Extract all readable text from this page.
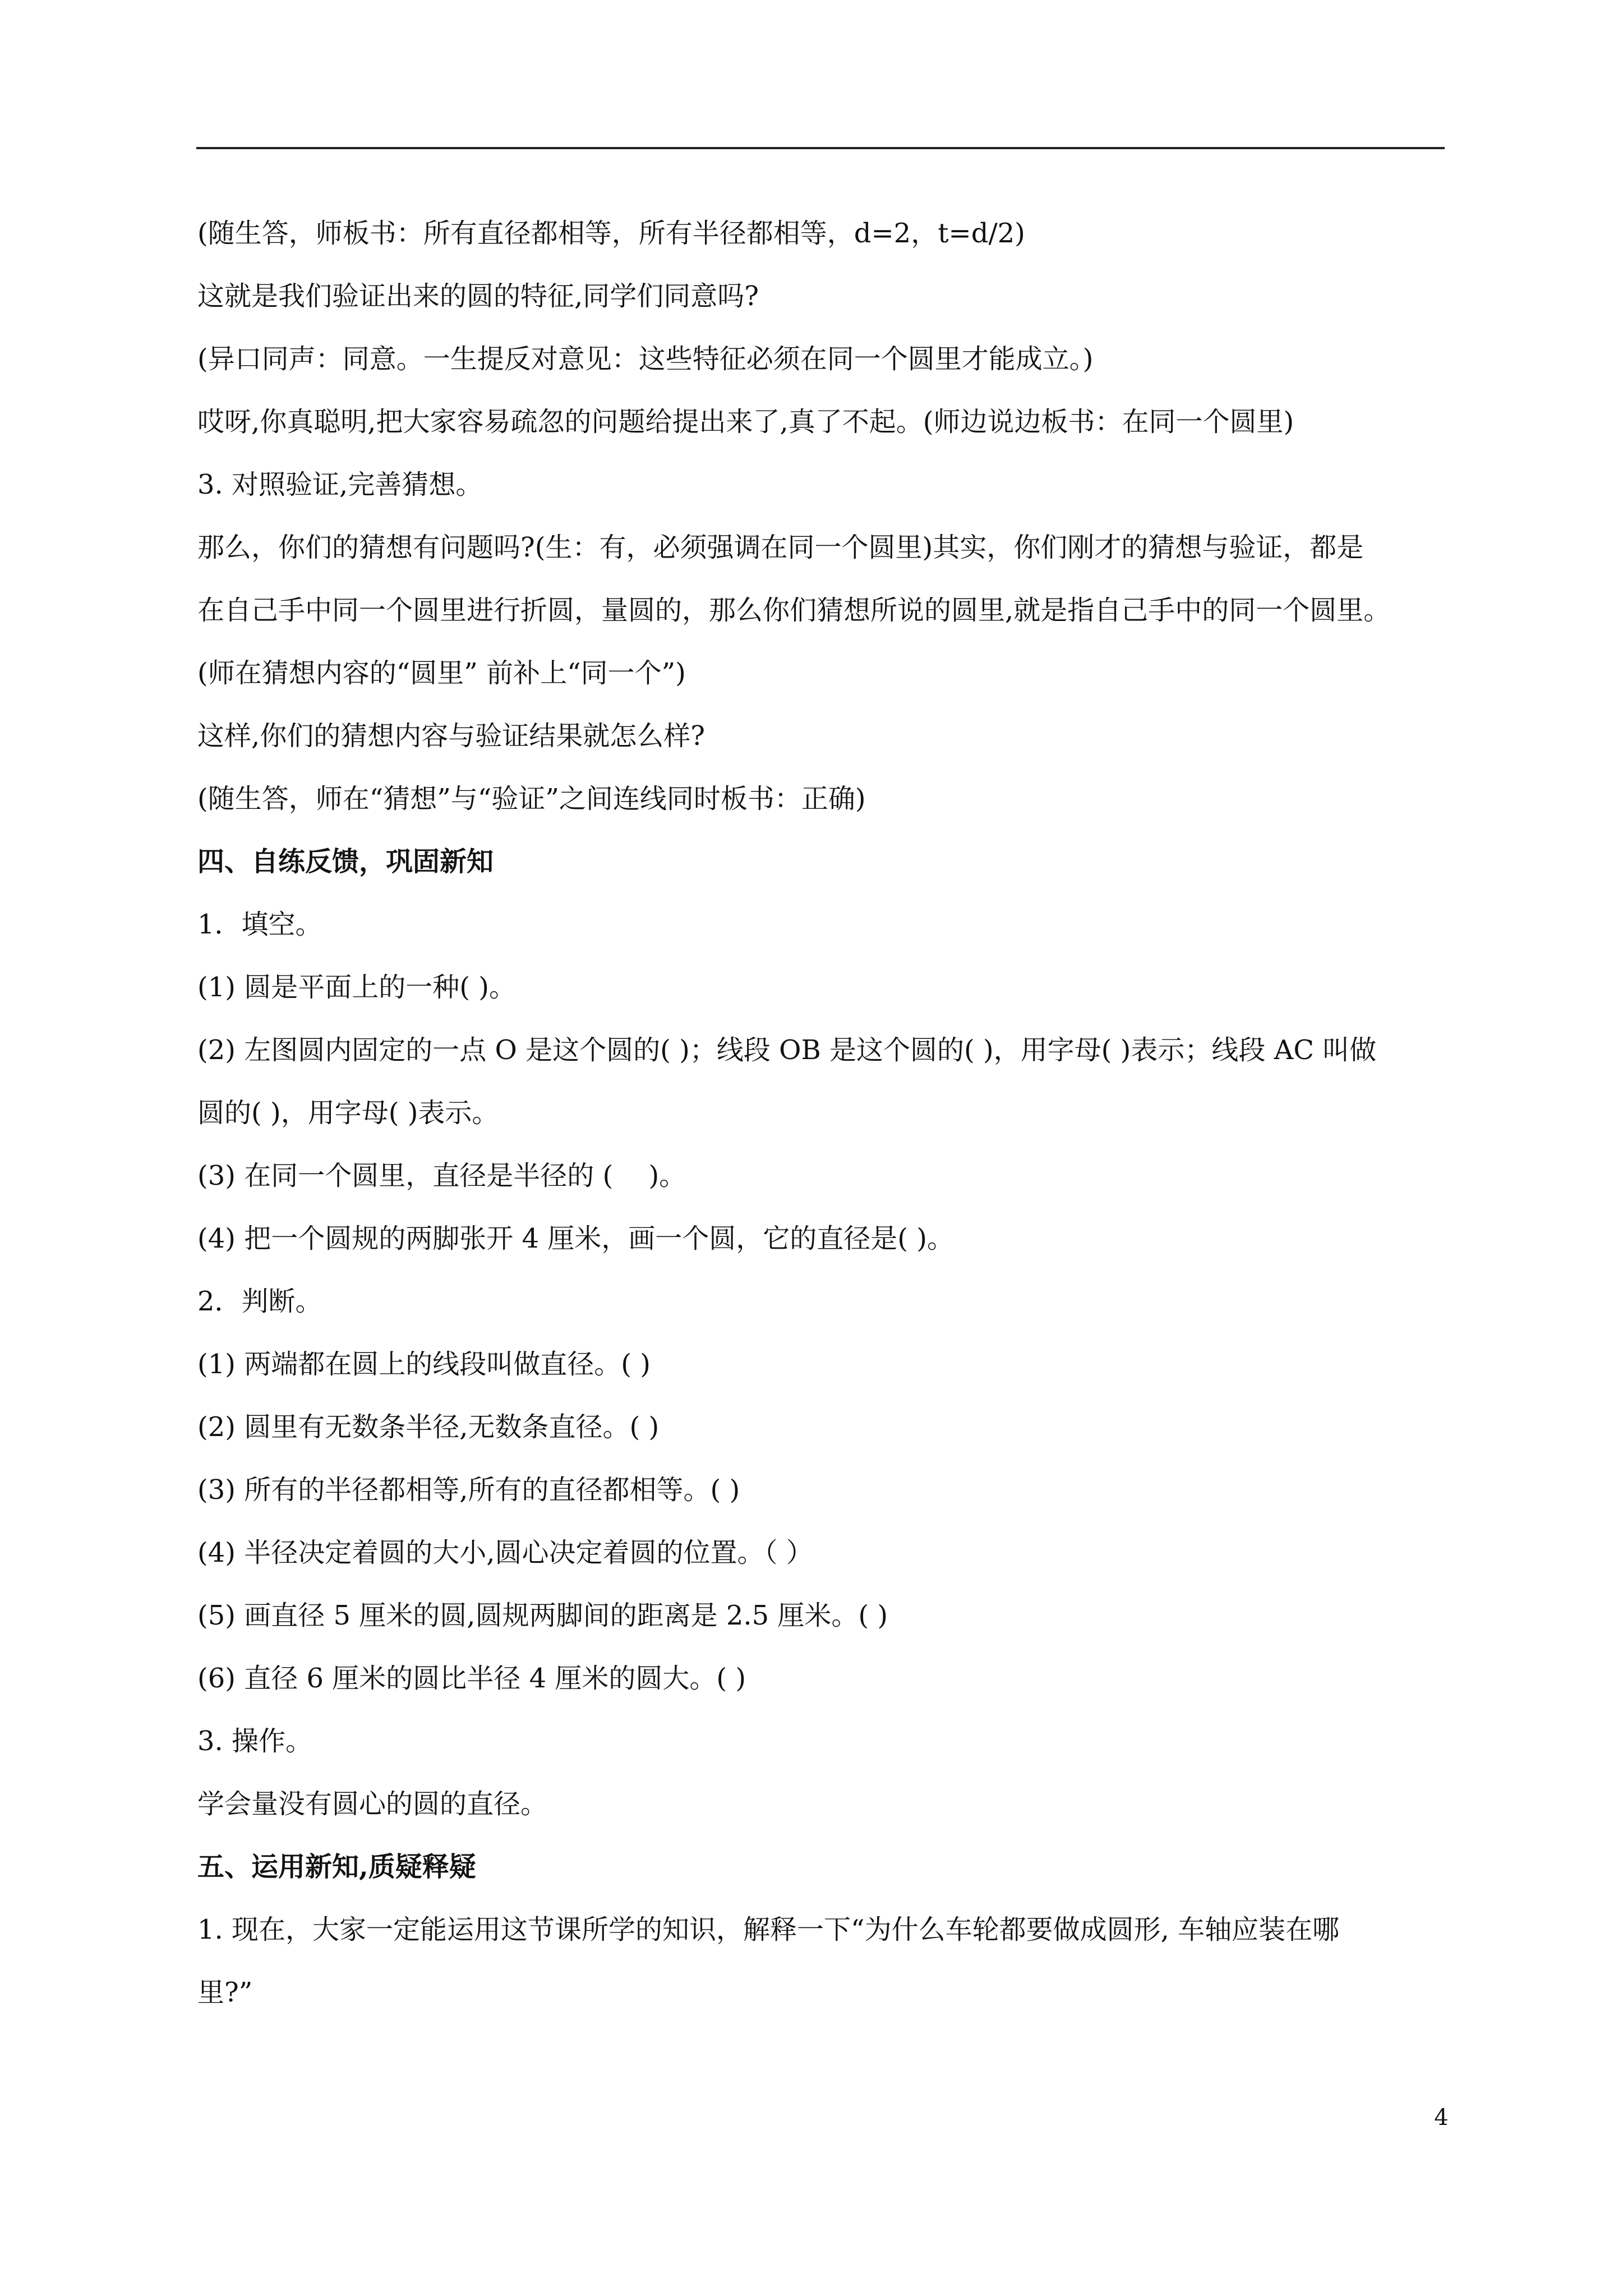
(随生答，师板书：所有直径都相等，所有半径都相等，d=2，t=d/2)

这就是我们验证出来的圆的特征,同学们同意吗?

(异口同声：同意。一生提反对意见：这些特征必须在同一个圆里才能成立。)

哎呀,你真聪明,把大家容易疏忽的问题给提出来了,真了不起。(师边说边板书：在同一个圆里)

3. 对照验证,完善猜想。

那么，你们的猜想有问题吗?(生：有，必须强调在同一个圆里)其实，你们刚才的猜想与验证，都是

在自己手中同一个圆里进行折圆，量圆的，那么你们猜想所说的圆里,就是指自己手中的同一个圆里。

(师在猜想内容的“圆里” 前补上“同一个”)

这样,你们的猜想内容与验证结果就怎么样?

(随生答，师在“猜想”与“验证”之间连线同时板书：正确)

四、自练反馈，巩固新知

1．填空。

(1) 圆是平面上的一种( )。

(2) 左图圆内固定的一点 O 是这个圆的( )；线段 OB 是这个圆的( )，用字母( )表示；线段 AC 叫做

圆的( )，用字母( )表示。

(3) 在同一个圆里，直径是半径的 (　 )。

(4) 把一个圆规的两脚张开 4 厘米，画一个圆，它的直径是( )。

2．判断。

(1) 两端都在圆上的线段叫做直径。( )

(2) 圆里有无数条半径,无数条直径。( )

(3) 所有的半径都相等,所有的直径都相等。( )

(4) 半径决定着圆的大小,圆心决定着圆的位置。（ ）

(5) 画直径 5 厘米的圆,圆规两脚间的距离是 2.5 厘米。( )

(6) 直径 6 厘米的圆比半径 4 厘米的圆大。( )

3. 操作。

学会量没有圆心的圆的直径。

五、运用新知,质疑释疑

1. 现在，大家一定能运用这节课所学的知识，解释一下“为什么车轮都要做成圆形, 车轴应装在哪

里?”

4
